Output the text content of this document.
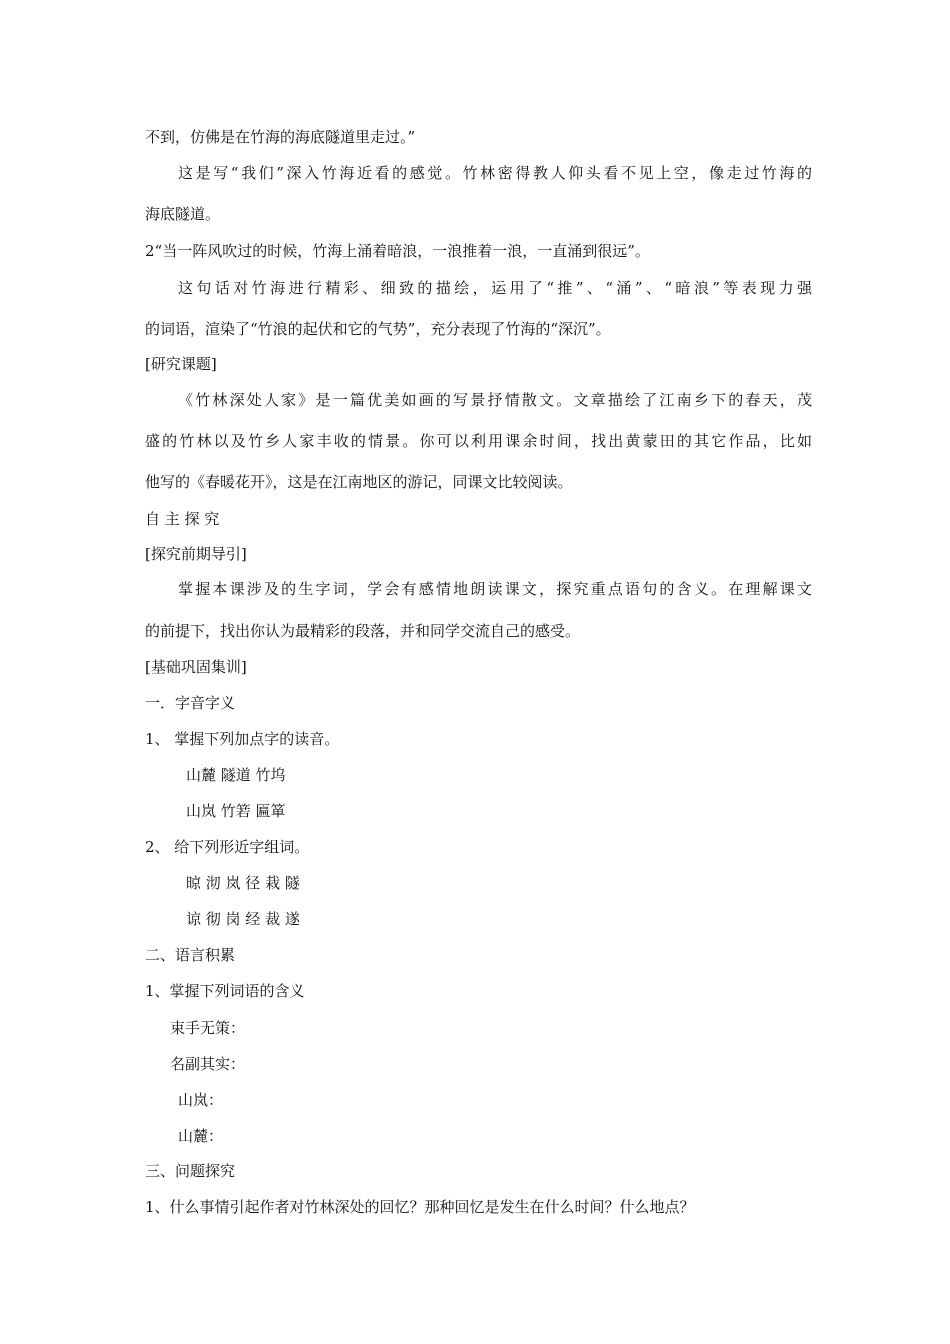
不到，仿佛是在竹海的海底隧道里走过。”
这是写“我们”深入竹海近看的感觉。竹林密得教人仰头看不见上空，像走过竹海的
海底隧道。
2“当一阵风吹过的时候，竹海上涌着暗浪，一浪推着一浪，一直涌到很远”。
这句话对竹海进行精彩、细致的描绘，运用了“推”、“涌”、“暗浪”等表现力强
的词语，渲染了“竹浪的起伏和它的气势”，充分表现了竹海的“深沉”。
[研究课题]
《竹林深处人家》是一篇优美如画的写景抒情散文。文章描绘了江南乡下的春天，茂
盛的竹林以及竹乡人家丰收的情景。你可以利用课余时间，找出黄蒙田的其它作品，比如
他写的《春暖花开》，这是在江南地区的游记，同课文比较阅读。
自 主 探 究
[探究前期导引]
掌握本课涉及的生字词，学会有感情地朗读课文，探究重点语句的含义。在理解课文
的前提下，找出你认为最精彩的段落，并和同学交流自己的感受。
[基础巩固集训]
一．字音字义
1、 掌握下列加点字的读音。
山麓 隧道 竹坞
山岚 竹箬 匾箪
2、 给下列形近字组词。
晾 沏 岚 径 栽 隧
谅 彻 岗 经 裁 遂
二、语言积累
1、掌握下列词语的含义
束手无策：
名副其实：
山岚：
山麓：
三、问题探究
1、什么事情引起作者对竹林深处的回忆？那种回忆是发生在什么时间？什么地点？
